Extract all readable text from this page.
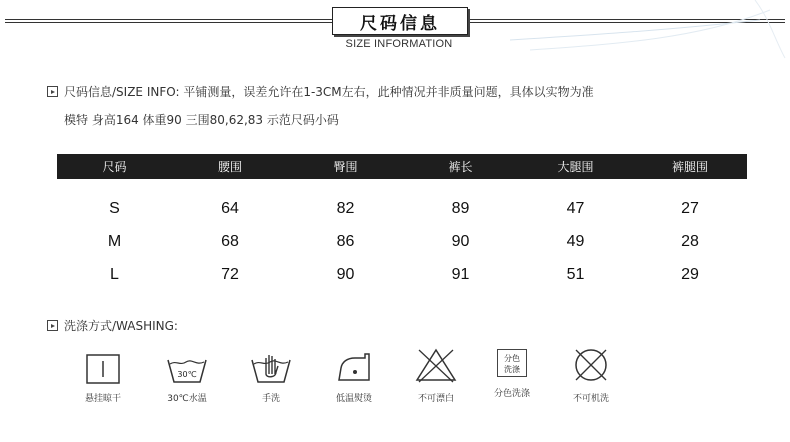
尺码信息
SIZE INFORMATION
尺码信息/SIZE INFO: 平铺测量，误差允许在1-3CM左右，此种情况并非质量问题，具体以实物为准
模特 身高164 体重90 三围80,62,83 示范尺码小码
尺码	腰围	臀围	裤长	大腿围	裤腿围
S	64	82	89	47	27
M	68	86	90	49	28
L	72	90	91	51	29
洗涤方式/WASHING:
悬挂晾干
30℃
30℃水温	手洗	低温熨烫	不可漂白
分色
洗涤
分色洗涤	不可机洗
